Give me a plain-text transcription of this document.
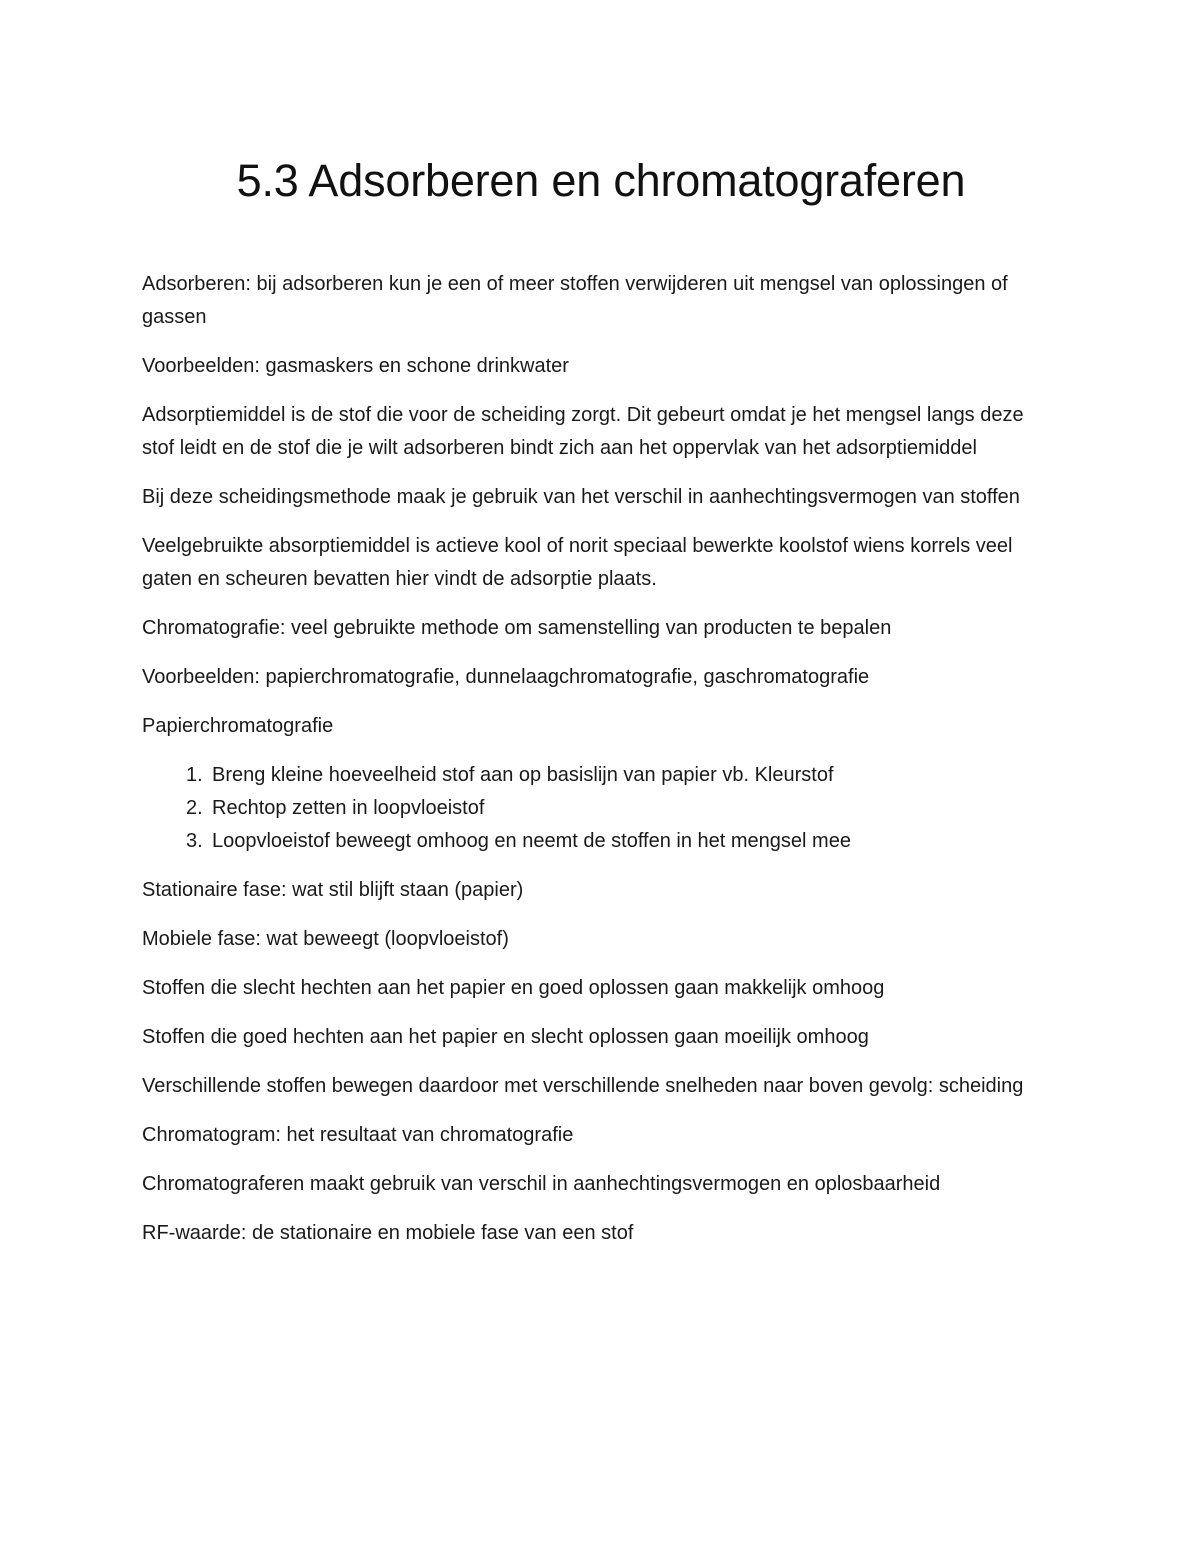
5.3 Adsorberen en chromatograferen

Adsorberen: bij adsorberen kun je een of meer stoffen verwijderen uit mengsel van oplossingen of gassen

Voorbeelden: gasmaskers en schone drinkwater

Adsorptiemiddel is de stof die voor de scheiding zorgt. Dit gebeurt omdat je het mengsel langs deze stof leidt en de stof die je wilt adsorberen bindt zich aan het oppervlak van het adsorptiemiddel

Bij deze scheidingsmethode maak je gebruik van het verschil in aanhechtingsvermogen van stoffen

Veelgebruikte absorptiemiddel is actieve kool of norit speciaal bewerkte koolstof wiens korrels veel gaten en scheuren bevatten hier vindt de adsorptie plaats.

Chromatografie: veel gebruikte methode om samenstelling van producten te bepalen

Voorbeelden: papierchromatografie, dunnelaagchromatografie, gaschromatografie

Papierchromatografie

1. Breng kleine hoeveelheid stof aan op basislijn van papier vb. Kleurstof
2. Rechtop zetten in loopvloeistof
3. Loopvloeistof beweegt omhoog en neemt de stoffen in het mengsel mee

Stationaire fase: wat stil blijft staan (papier)

Mobiele fase: wat beweegt (loopvloeistof)

Stoffen die slecht hechten aan het papier en goed oplossen gaan makkelijk omhoog

Stoffen die goed hechten aan het papier en slecht oplossen gaan moeilijk omhoog

Verschillende stoffen bewegen daardoor met verschillende snelheden naar boven gevolg: scheiding

Chromatogram: het resultaat van chromatografie

Chromatograferen maakt gebruik van verschil in aanhechtingsvermogen en oplosbaarheid

RF-waarde: de stationaire en mobiele fase van een stof
